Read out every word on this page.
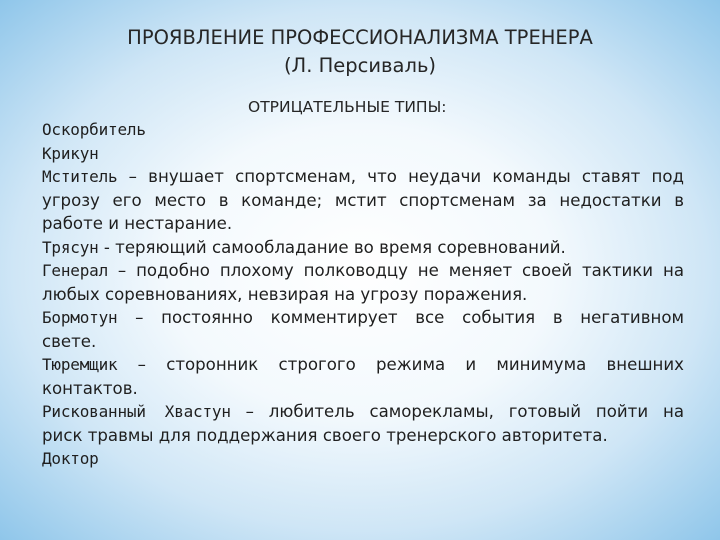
ПРОЯВЛЕНИЕ ПРОФЕССИОНАЛИЗМА ТРЕНЕРА
(Л. Персиваль)
ОТРИЦАТЕЛЬНЫЕ ТИПЫ:
Оскорбитель
Крикун
Мститель – внушает спортсменам, что неудачи команды ставят под
угрозу его место в команде; мстит спортсменам за недостатки в
работе и нестарание.
Трясун - теряющий самообладание во время соревнований.
Генерал – подобно плохому полководцу не меняет своей тактики на
любых соревнованиях, невзирая на угрозу поражения.
Бормотун – постоянно комментирует все события в негативном
свете.
Тюремщик – сторонник строгого режима и минимума внешних
контактов.
Рискованный Хвастун – любитель саморекламы, готовый пойти на
риск травмы для поддержания своего тренерского авторитета.
Доктор
